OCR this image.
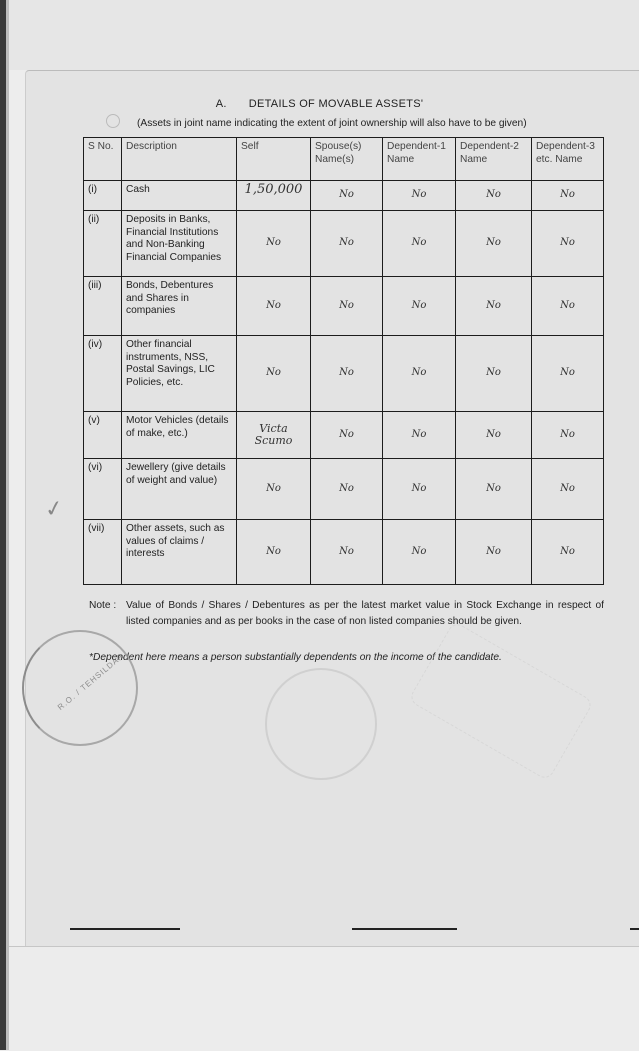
A. DETAILS OF MOVABLE ASSETS'
(Assets in joint name indicating the extent of joint ownership will also have to be given)
S No.	Description	Self	Spouse(s) Name(s)	Dependent-1 Name	Dependent-2 Name	Dependent-3 etc. Name
(i)	Cash	1,50,000	No	No	No	No
(ii)	Deposits in Banks, Financial Institutions and Non-Banking Financial Companies	No	No	No	No	No
(iii)	Bonds, Debentures and Shares in companies	No	No	No	No	No
(iv)	Other financial instruments, NSS, Postal Savings, LIC Policies, etc.	No	No	No	No	No
(v)	Motor Vehicles (details of make, etc.)	Victa Scumo	No	No	No	No
(vi)	Jewellery (give details of weight and value)	No	No	No	No	No
(vii)	Other assets, such as values of claims / interests	No	No	No	No	No
✓
Note : Value of Bonds / Shares / Debentures as per the latest market value in Stock Exchange in respect of listed companies and as per books in the case of non listed companies should be given.
*Dependent here means a person substantially dependents on the income of the candidate.
R.O. / TEHSILDAR
